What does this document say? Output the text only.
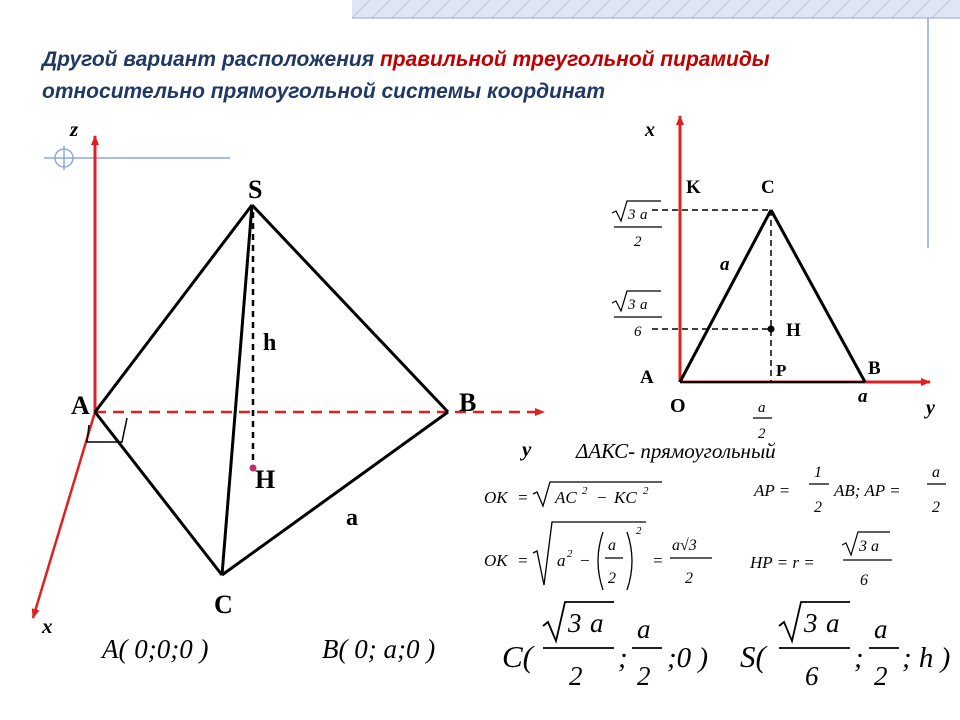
Другой вариант расположения правильной треугольной пирамиды
относительно прямоугольной системы координат
z
y
x
S
A	B
C
H
h
a
x
y
O
K	C
A	B
H
P
a
a
3 a
2
3 a
6
a
2
ΔАКС- прямоугольный
ОК = AC 2 − KC 2	AP =
1
2
AB; AP =
a
2
ОК = a 2 −
a
2
2
=
a√3
2
HP = r =
3 a
6
A( 0;0;0 )	B( 0; a;0 ) C(
3 a
2
;
a
2
;0 ) S(
3 a
6
;
a
2
; h )
